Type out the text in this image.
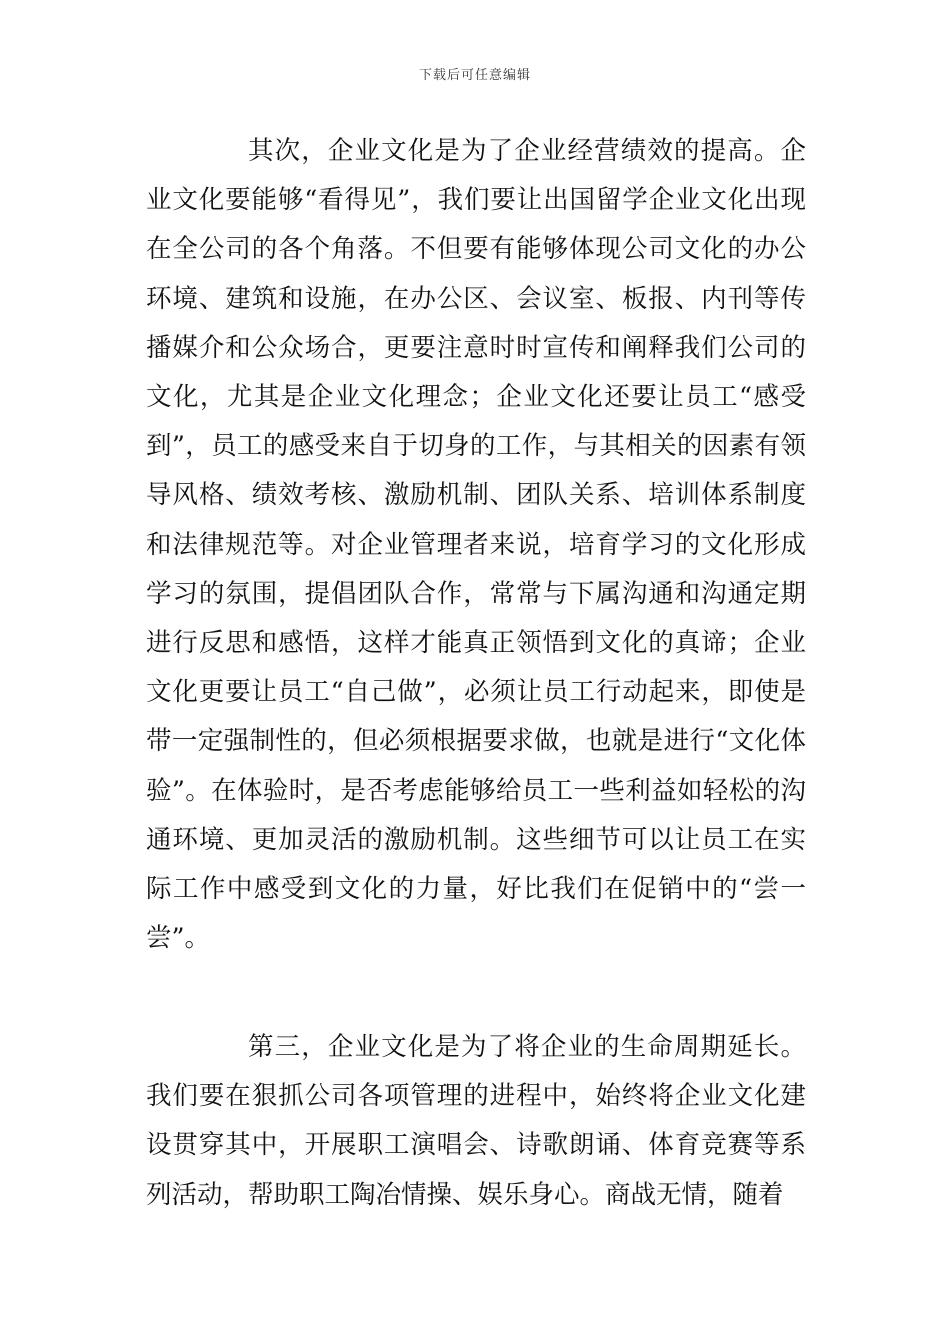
下载后可任意编辑

其次，企业文化是为了企业经营绩效的提高。企业文化要能够“看得见”，我们要让出国留学企业文化出现在全公司的各个角落。不但要有能够体现公司文化的办公环境、建筑和设施，在办公区、会议室、板报、内刊等传播媒介和公众场合，更要注意时时宣传和阐释我们公司的文化，尤其是企业文化理念；企业文化还要让员工“感受到”，员工的感受来自于切身的工作，与其相关的因素有领导风格、绩效考核、激励机制、团队关系、培训体系制度和法律规范等。对企业管理者来说，培育学习的文化形成学习的氛围，提倡团队合作，常常与下属沟通和沟通定期进行反思和感悟，这样才能真正领悟到文化的真谛；企业文化更要让员工“自己做”，必须让员工行动起来，即使是带一定强制性的，但必须根据要求做，也就是进行“文化体验”。在体验时，是否考虑能够给员工一些利益如轻松的沟通环境、更加灵活的激励机制。这些细节可以让员工在实际工作中感受到文化的力量，好比我们在促销中的“尝一尝”。

第三，企业文化是为了将企业的生命周期延长。我们要在狠抓公司各项管理的进程中，始终将企业文化建设贯穿其中，开展职工演唱会、诗歌朗诵、体育竞赛等系列活动，帮助职工陶冶情操、娱乐身心。商战无情，随着
